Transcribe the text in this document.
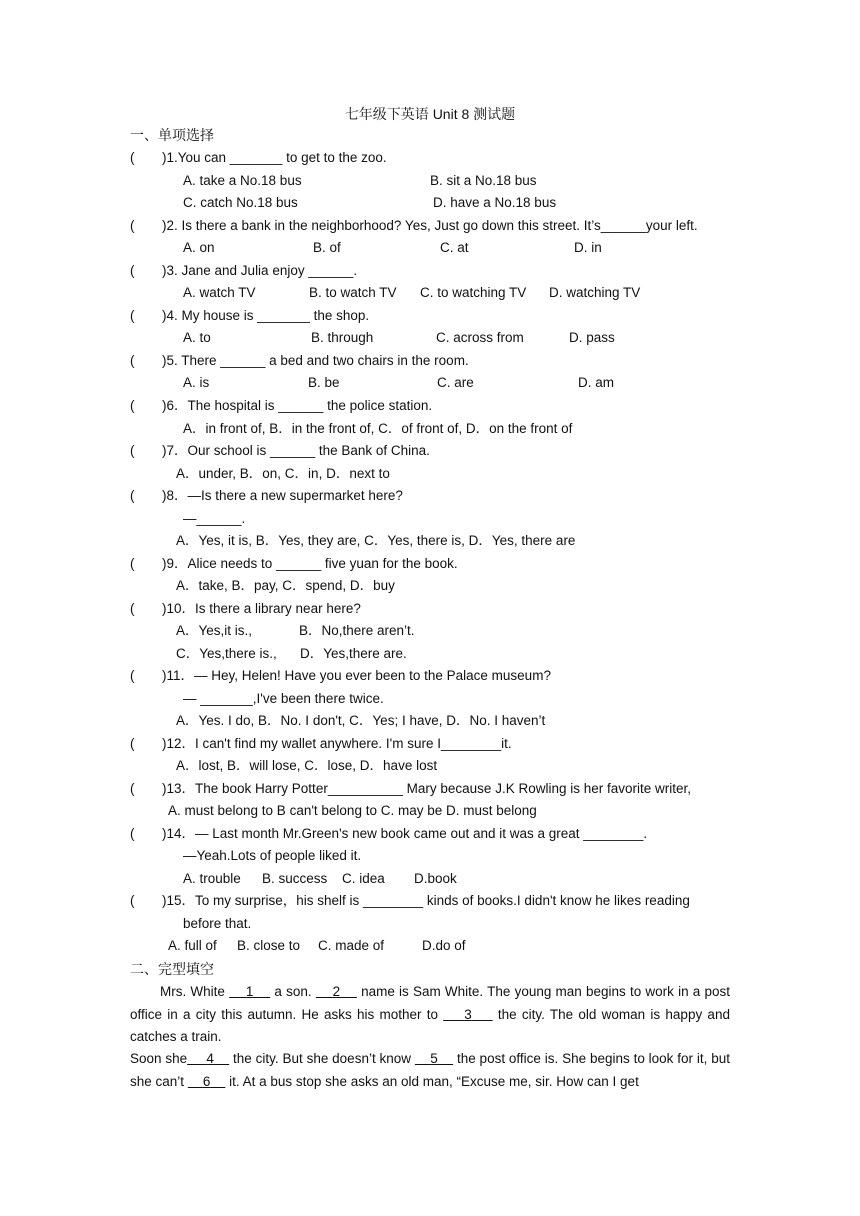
七年级下英语 Unit 8 测试题
一、单项选择
( )1.You can _______ to get to the zoo.
A. take a No.18 bus	B. sit a No.18 bus
C. catch No.18 bus	D. have a No.18 bus
( )2. Is there a bank in the neighborhood? Yes, Just go down this street. It’s______your left.
A. on	B. of	C. at	D. in
( )3. Jane and Julia enjoy ______.
A. watch TV	B. to watch TV C. to watching TV D. watching TV
( )4. My house is _______ the shop.
A. to	B. through	C. across from	D. pass
( )5. There ______ a bed and two chairs in the room.
A. is	B. be	C. are	D. am
( )6．The hospital is ______ the police station.
A．in front of, B．in the front of, C．of front of, D．on the front of
( )7．Our school is ______ the Bank of China.
A．under, B．on, C．in, D．next to
( )8．—Is there a new supermarket here?
—______.
A．Yes, it is, B．Yes, they are, C．Yes, there is, D．Yes, there are
( )9．Alice needs to ______ five yuan for the book.
A．take, B．pay, C．spend, D．buy
( )10．Is there a library near here?
A．Yes,it is.,	B．No,there aren’t.
C．Yes,there is., D．Yes,there are.
( )11．— Hey, Helen! Have you ever been to the Palace museum?
— _______,I've been there twice.
A．Yes. I do, B．No. I don't, C．Yes; I have, D．No. I haven’t
( )12．I can't find my wallet anywhere. I'm sure I________it.
A．lost, B．will lose, C．lose, D．have lost
( )13．The book Harry Potter__________ Mary because J.K Rowling is her favorite writer,
A. must belong to B can't belong to C. may be D. must belong
( )14．— Last month Mr.Green's new book came out and it was a great ________.
—Yeah.Lots of people liked it.
A. trouble B. success C. idea D.book
( )15．To my surprise，his shelf is ________ kinds of books.I didn't know he likes reading
before that.
A. full of B. close to C. made of	D.do of
二、完型填空
Mrs. White 1 a son. 2 name is Sam White. The young man begins to work in a post office in a city this autumn. He asks his mother to 3 the city. The old woman is happy and catches a train.
Soon she 4 the city. But she doesn’t know 5 the post office is. She begins to look for it, but she can’t 6 it. At a bus stop she asks an old man, “Excuse me, sir. How can I get
